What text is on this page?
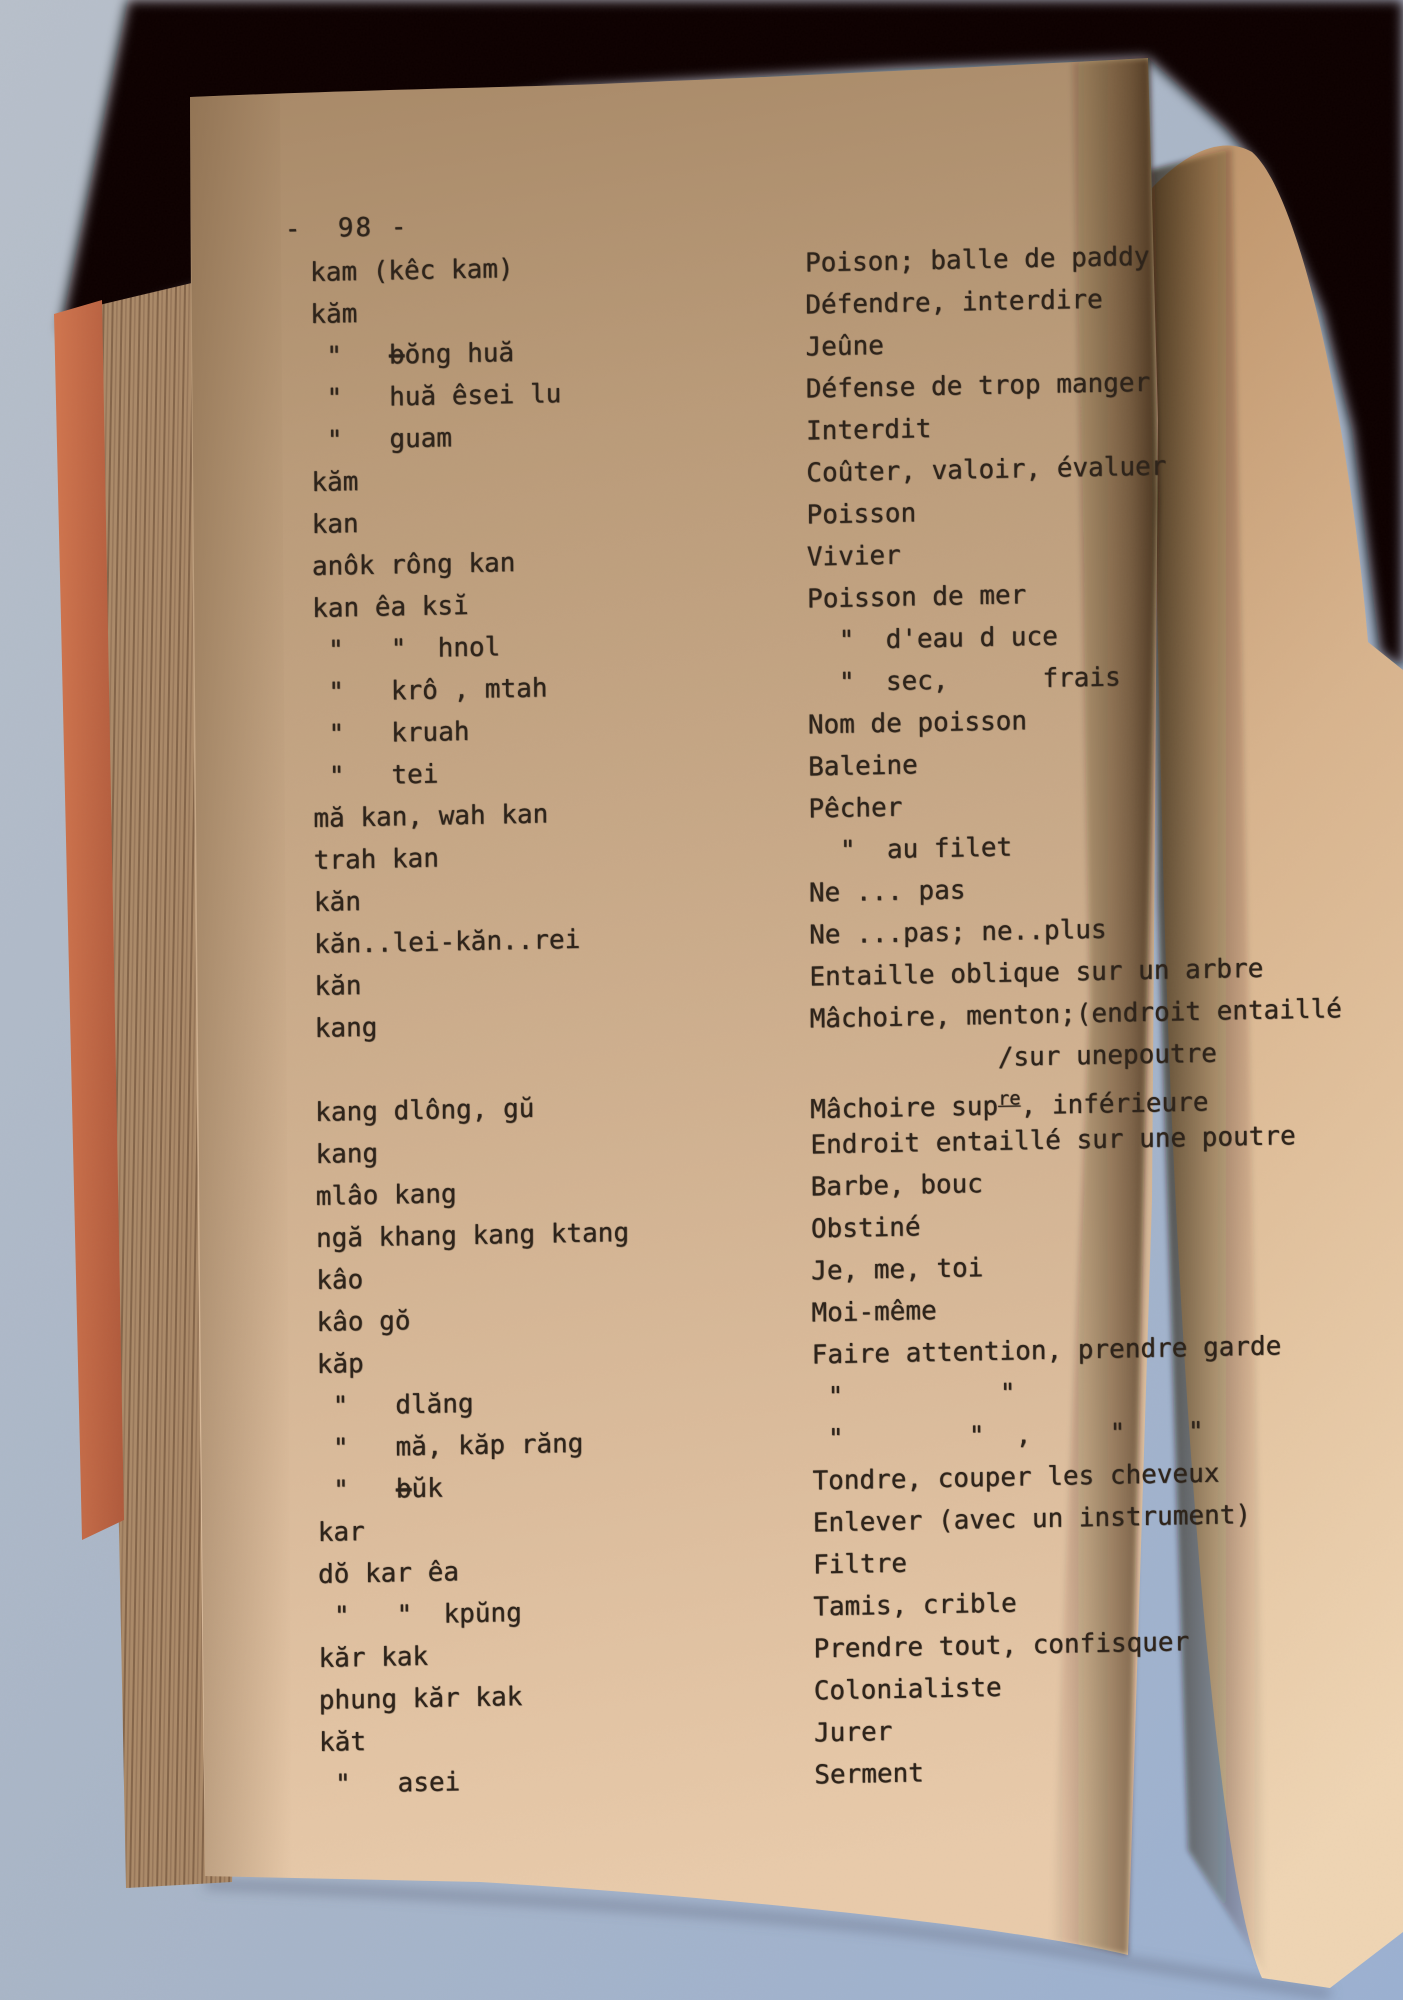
-  98 -
kam (kêc kam)	Poison; balle de paddy
kăm	Défendre, interdire
"   bŏng huă	Jeûne
"   huă êsei lu	Défense de trop manger
"   guam	Interdit
kăm	Coûter, valoir, évaluer
kan	Poisson
anôk rông kan	Vivier
kan êa ksĭ	Poisson de mer
"   "  hnol	"  d'eau d uce
"   krô , mtah	"  sec,      frais
"   kruah	Nom de poisson
"   tei	Baleine
mă kan, wah kan	Pêcher
trah kan	"  au filet
kăn	Ne ... pas
kăn..lei-kăn..rei	Ne ...pas; ne..plus
kăn	Entaille oblique sur un arbre
kang	Mâchoire, menton;(endroit entaillé
/sur unepoutre
kang dlông, gŭ	Mâchoire sup$^{re}$, inférieure
kang	Endroit entaillé sur une poutre
mlâo kang	Barbe, bouc
ngă khang kang ktang	Obstiné
kâo	Je, me, toi
kâo gŏ	Moi-même
kăp	Faire attention, prendre garde
"   dlăng	"          "
"   mă, kăp răng	"        "  ,     "    "
"   bŭk	Tondre, couper les cheveux
kar	Enlever (avec un instrument)
dŏ kar êa	Filtre
"   "  kpŭng	Tamis, crible
kăr kak	Prendre tout, confisquer
phung kăr kak	Colonialiste
kăt	Jurer
"   asei	Serment
